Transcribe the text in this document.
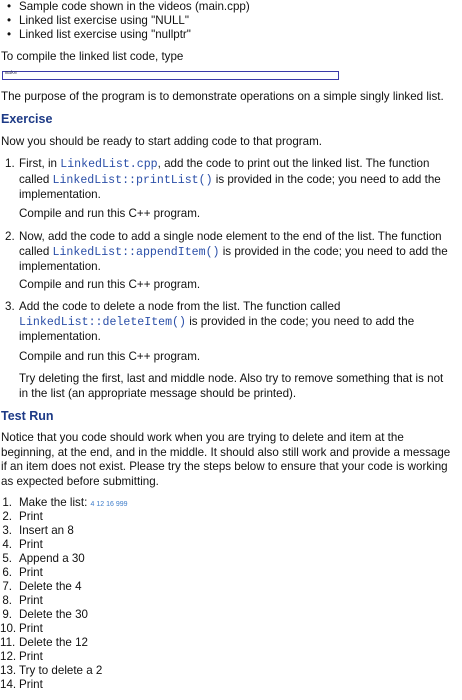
• Sample code shown in the videos (main.cpp)
• Linked list exercise using "NULL"
• Linked list exercise using "nullptr"
To compile the linked list code, type
make
The purpose of the program is to demonstrate operations on a simple singly linked list.
Exercise
Now you should be ready to start adding code to that program.
1. First, in LinkedList.cpp, add the code to print out the linked list. The function called LinkedList::printList() is provided in the code; you need to add the implementation.
Compile and run this C++ program.
2. Now, add the code to add a single node element to the end of the list. The function called LinkedList::appendItem() is provided in the code; you need to add the implementation.
Compile and run this C++ program.
3. Add the code to delete a node from the list. The function called LinkedList::deleteItem() is provided in the code; you need to add the implementation.
Compile and run this C++ program.
Try deleting the first, last and middle node. Also try to remove something that is not in the list (an appropriate message should be printed).
Test Run
Notice that you code should work when you are trying to delete and item at the beginning, at the end, and in the middle. It should also still work and provide a message if an item does not exist. Please try the steps below to ensure that your code is working as expected before submitting.
1. Make the list: 4 12 16 999
2. Print
3. Insert an 8
4. Print
5. Append a 30
6. Print
7. Delete the 4
8. Print
9. Delete the 30
10. Print
11. Delete the 12
12. Print
13. Try to delete a 2
14. Print
